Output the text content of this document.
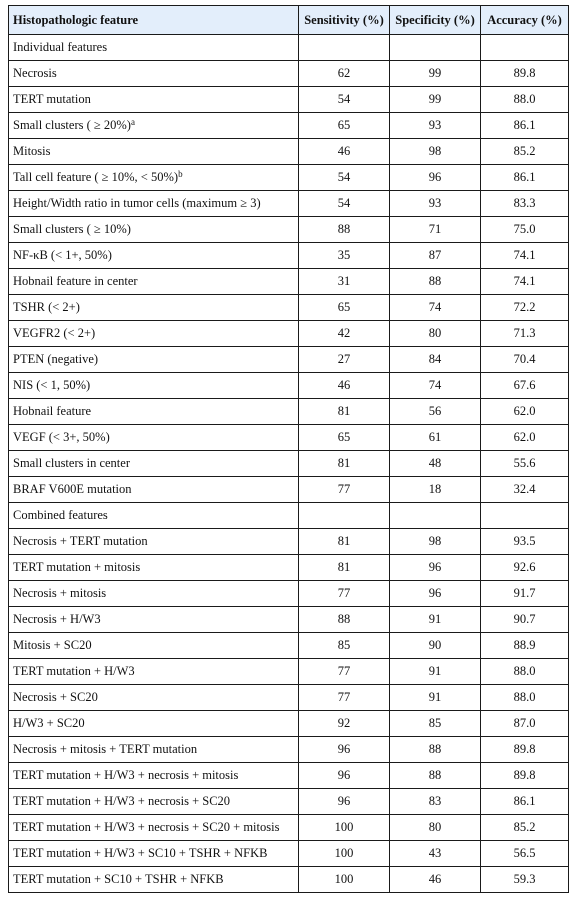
Histopathologic feature	Sensitivity (%)	Specificity (%)	Accuracy (%)
Individual features			
Necrosis	62	99	89.8
TERT mutation	54	99	88.0
Small clusters ( ≥ 20%)$^a$	65	93	86.1
Mitosis	46	98	85.2
Tall cell feature ( ≥ 10%, < 50%)$^b$	54	96	86.1
Height/Width ratio in tumor cells (maximum ≥ 3)	54	93	83.3
Small clusters ( ≥ 10%)	88	71	75.0
NF-κB (< 1+, 50%)	35	87	74.1
Hobnail feature in center	31	88	74.1
TSHR (< 2+)	65	74	72.2
VEGFR2 (< 2+)	42	80	71.3
PTEN (negative)	27	84	70.4
NIS (< 1, 50%)	46	74	67.6
Hobnail feature	81	56	62.0
VEGF (< 3+, 50%)	65	61	62.0
Small clusters in center	81	48	55.6
BRAF V600E mutation	77	18	32.4
Combined features			
Necrosis + TERT mutation	81	98	93.5
TERT mutation + mitosis	81	96	92.6
Necrosis + mitosis	77	96	91.7
Necrosis + H/W3	88	91	90.7
Mitosis + SC20	85	90	88.9
TERT mutation + H/W3	77	91	88.0
Necrosis + SC20	77	91	88.0
H/W3 + SC20	92	85	87.0
Necrosis + mitosis + TERT mutation	96	88	89.8
TERT mutation + H/W3 + necrosis + mitosis	96	88	89.8
TERT mutation + H/W3 + necrosis + SC20	96	83	86.1
TERT mutation + H/W3 + necrosis + SC20 + mitosis	100	80	85.2
TERT mutation + H/W3 + SC10 + TSHR + NFKB	100	43	56.5
TERT mutation + SC10 + TSHR + NFKB	100	46	59.3
